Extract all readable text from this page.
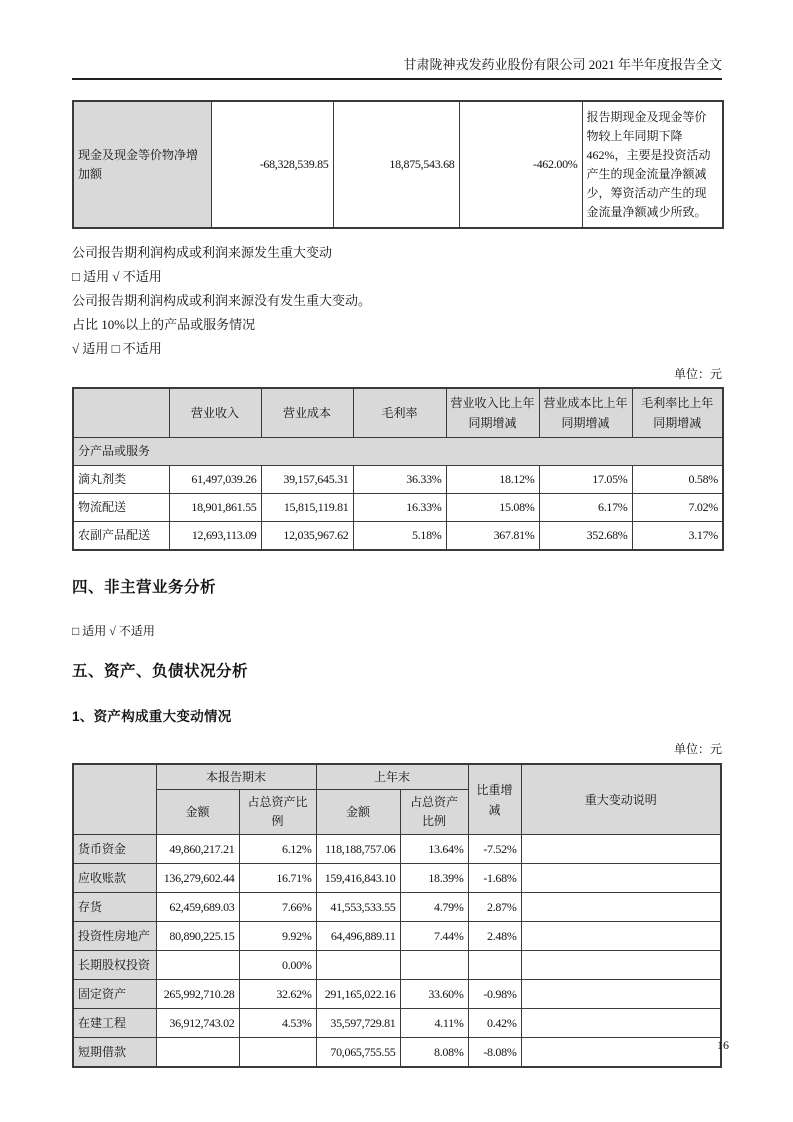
甘肃陇神戎发药业股份有限公司 2021 年半年度报告全文
现金及现金等价物净增加额	-68,328,539.85	18,875,543.68	-462.00%	报告期现金及现金等价物较上年同期下降462%，主要是投资活动产生的现金流量净额减少，筹资活动产生的现金流量净额减少所致。
公司报告期利润构成或利润来源发生重大变动
□ 适用 √ 不适用
公司报告期利润构成或利润来源没有发生重大变动。
占比 10%以上的产品或服务情况
√ 适用 □ 不适用
单位：元
	营业收入	营业成本	毛利率	营业收入比上年同期增减	营业成本比上年同期增减	毛利率比上年同期增减
分产品或服务						
滴丸剂类	61,497,039.26	39,157,645.31	36.33%	18.12%	17.05%	0.58%
物流配送	18,901,861.55	15,815,119.81	16.33%	15.08%	6.17%	7.02%
农副产品配送	12,693,113.09	12,035,967.62	5.18%	367.81%	352.68%	3.17%
四、非主营业务分析
□ 适用 √ 不适用
五、资产、负债状况分析
1、资产构成重大变动情况
单位：元
	本报告期末		上年末		比重增减	重大变动说明
	金额	占总资产比例	金额	占总资产比例		
货币资金	49,860,217.21	6.12%	118,188,757.06	13.64%	-7.52%	
应收账款	136,279,602.44	16.71%	159,416,843.10	18.39%	-1.68%	
存货	62,459,689.03	7.66%	41,553,533.55	4.79%	2.87%	
投资性房地产	80,890,225.15	9.92%	64,496,889.11	7.44%	2.48%	
长期股权投资		0.00%				
固定资产	265,992,710.28	32.62%	291,165,022.16	33.60%	-0.98%	
在建工程	36,912,743.02	4.53%	35,597,729.81	4.11%	0.42%	
短期借款			70,065,755.55	8.08%	-8.08%		16
